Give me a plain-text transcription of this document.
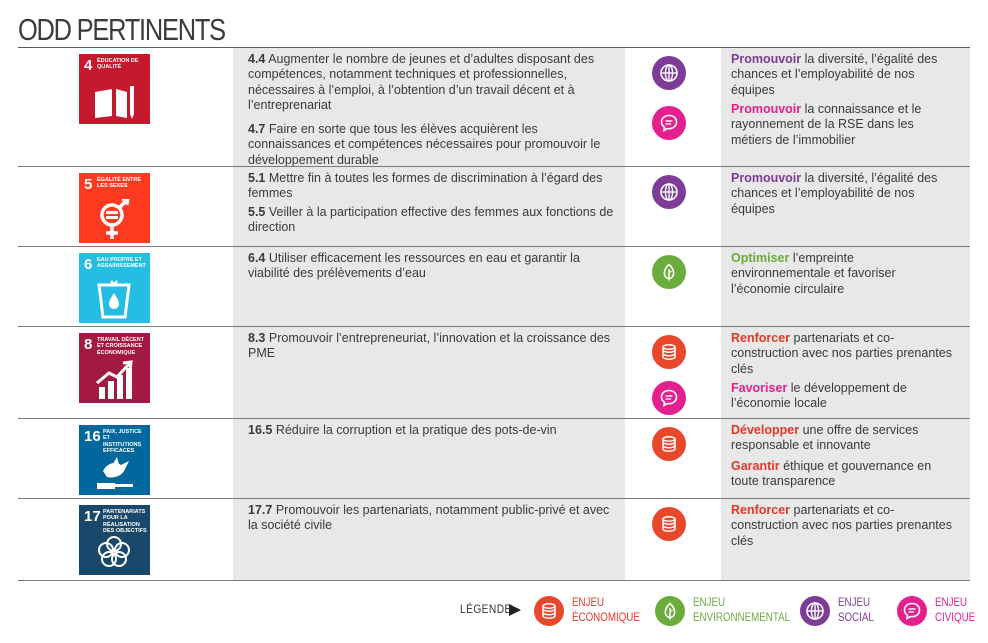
ODD PERTINENTS
4 ÉDUCATION DE QUALITÉ
4.4 Augmenter le nombre de jeunes et d’adultes disposant des compétences, notamment techniques et professionnelles, nécessaires à l’emploi, à l’obtention d’un travail décent et à l’entreprenariat
4.7 Faire en sorte que tous les élèves acquièrent les connaissances et compétences nécessaires pour promouvoir le développement durable
Promouvoir la diversité, l’égalité des chances et l’employabilité de nos équipes
Promouvoir la connaissance et le rayonnement de la RSE dans les métiers de l’immobilier
5 ÉGALITÉ ENTRE LES SEXES
5.1 Mettre fin à toutes les formes de discrimination à l’égard des femmes
5.5 Veiller à la participation effective des femmes aux fonctions de direction
Promouvoir la diversité, l’égalité des chances et l’employabilité de nos équipes
6 EAU PROPRE ET ASSAINISSEMENT
6.4 Utiliser efficacement les ressources en eau et garantir la viabilité des prélèvements d’eau
Optimiser l’empreinte environnementale et favoriser l’économie circulaire
8 TRAVAIL DÉCENT ET CROISSANCE ÉCONOMIQUE
8.3 Promouvoir l’entrepreneuriat, l’innovation et la croissance des PME
Renforcer partenariats et co-construction avec nos parties prenantes clés
Favoriser le développement de l’économie locale
16 PAIX, JUSTICE ET INSTITUTIONS EFFICACES
16.5 Réduire la corruption et la pratique des pots-de-vin	Développer une offre de services responsable et innovante
Garantir éthique et gouvernance en toute transparence
17 PARTENARIATS POUR LA RÉALISATION DES OBJECTIFS
17.7 Promouvoir les partenariats, notamment public-privé et avec la société civile
Renforcer partenariats et co-construction avec nos parties prenantes clés
LÉGENDE	ENJEU
ÉCONOMIQUE
ENJEU
ENVIRONNEMENTAL
ENJEU
SOCIAL
ENJEU
CIVIQUE
